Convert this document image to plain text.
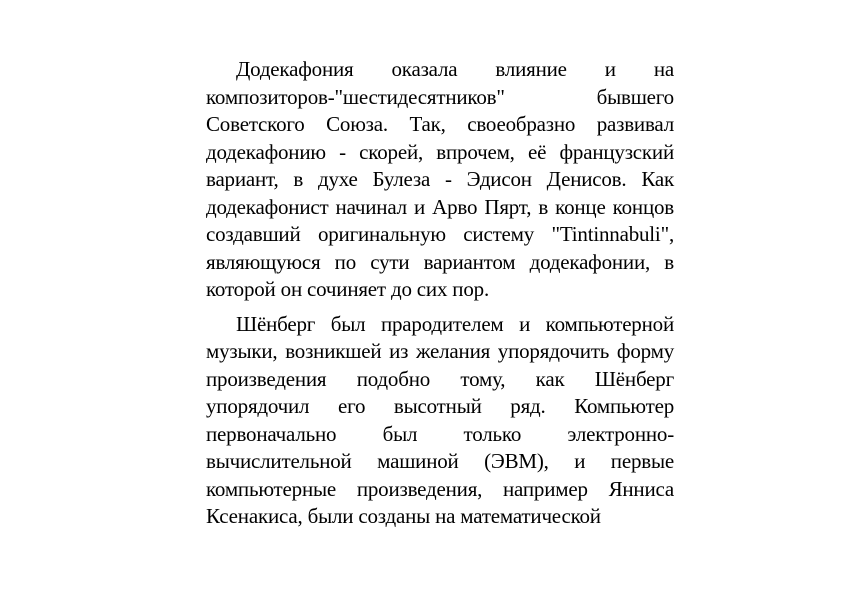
Додекафония оказала влияние и на композиторов-"шестидесятников" бывшего Советского Союза. Так, своеобразно развивал додекафонию - скорей, впрочем, её французский вариант, в духе Булеза - Эдисон Денисов. Как додекафонист начинал и Арво Пярт, в конце концов создавший оригинальную систему "Tintinnabuli", являющуюся по сути вариантом додекафонии, в которой он сочиняет до сих пор.

Шёнберг был прародителем и компьютерной музыки, возникшей из желания упорядочить форму произведения подобно тому, как Шёнберг упорядочил его высотный ряд. Компьютер первоначально был только электронно-вычислительной машиной (ЭВМ), и первые компьютерные произведения, например Янниса Ксенакиса, были созданы на математической
